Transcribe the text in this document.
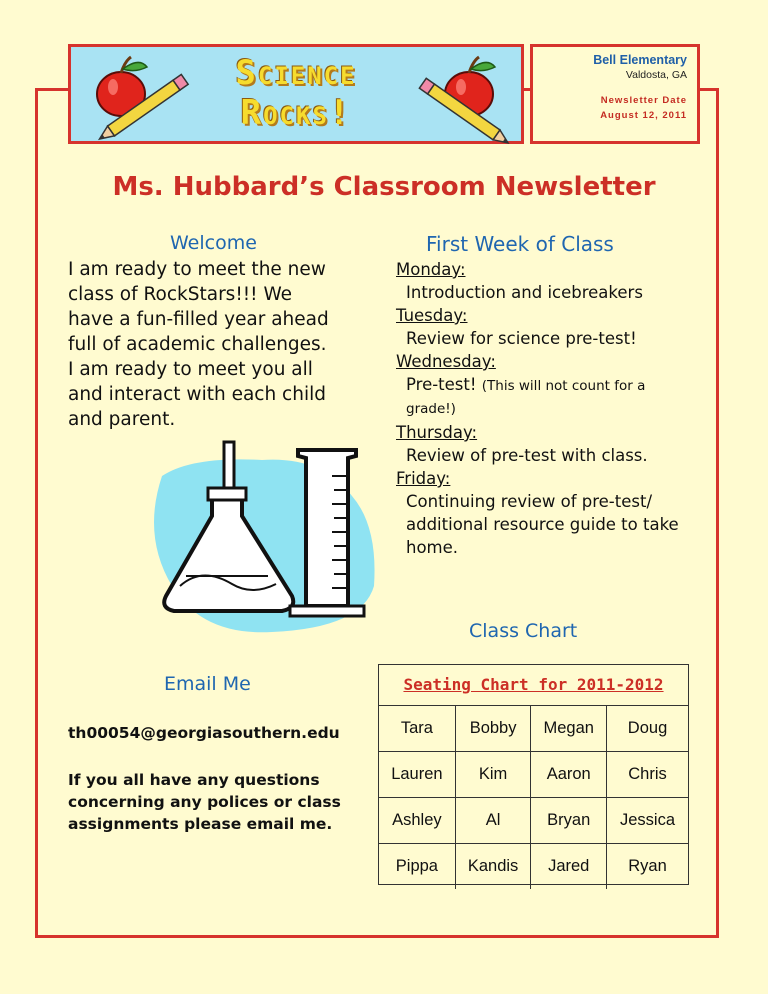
Science
Rocks!
Bell Elementary
Valdosta, GA
Newsletter Date
August 12, 2011
Ms. Hubbard’s Classroom Newsletter
Welcome
I am ready to meet the new
class of RockStars!!! We
have a fun-filled year ahead
full of academic challenges.
I am ready to meet you all
and interact with each child
and parent.
First Week of Class
Monday:
Introduction and icebreakers
Tuesday:
Review for science pre-test!
Wednesday:
Pre-test! (This will not count for a
grade!)
Thursday:
Review of pre-test with class.
Friday:
Continuing review of pre-test/
additional resource guide to take
home.
Class Chart
Seating Chart for 2011-2012
Tara	Bobby	Megan	Doug
Lauren	Kim	Aaron	Chris
Ashley	Al	Bryan	Jessica
Pippa	Kandis	Jared	Ryan
Email Me
th00054@georgiasouthern.edu
If you all have any questions
concerning any polices or class
assignments please email me.
